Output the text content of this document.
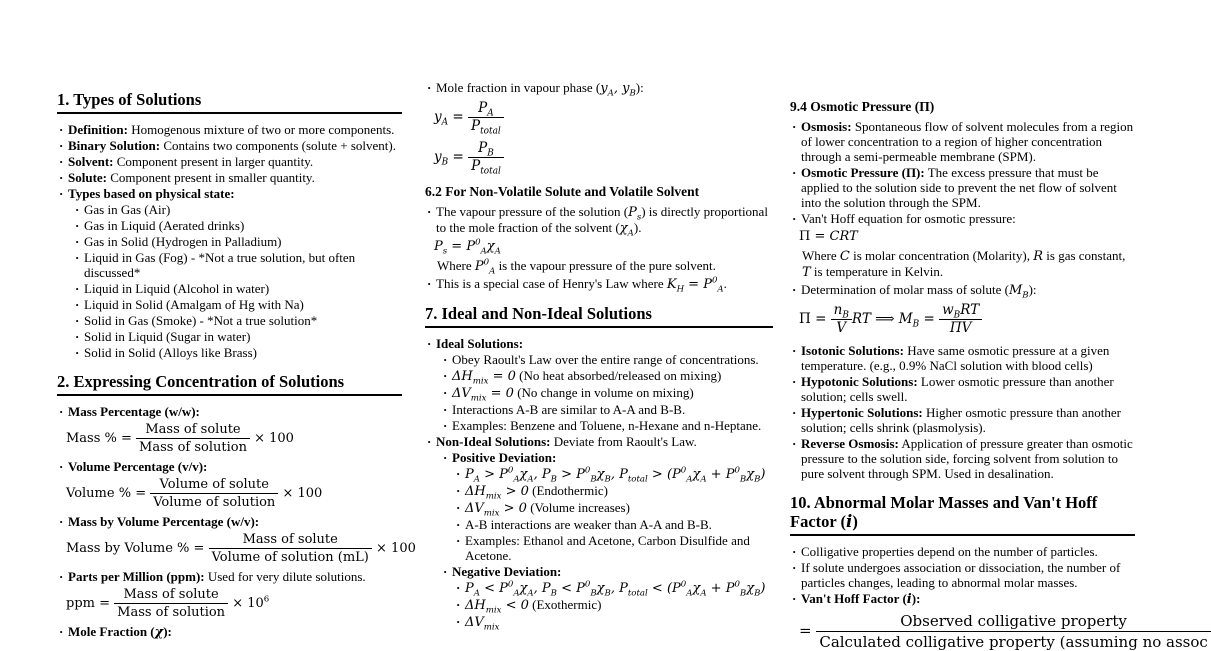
1. Types of Solutions
· Definition: Homogenous mixture of two or more components.
· Binary Solution: Contains two components (solute + solvent).
· Solvent: Component present in larger quantity.
· Solute: Component present in smaller quantity.
· Types based on physical state:
· Gas in Gas (Air)
· Gas in Liquid (Aerated drinks)
· Gas in Solid (Hydrogen in Palladium)
· Liquid in Gas (Fog) - *Not a true solution, but often discussed*
· Liquid in Liquid (Alcohol in water)
· Liquid in Solid (Amalgam of Hg with Na)
· Solid in Gas (Smoke) - *Not a true solution*
· Solid in Liquid (Sugar in water)
· Solid in Solid (Alloys like Brass)
2. Expressing Concentration of Solutions
· Mass Percentage (w/w):
Mass % = $\frac{\text{Mass of solute}}{\text{Mass of solution}} \times 100$
· Volume Percentage (v/v):
Volume % = $\frac{\text{Volume of solute}}{\text{Volume of solution}} \times 100$
· Mass by Volume Percentage (w/v):
Mass by Volume % = $\frac{\text{Mass of solute}}{\text{Volume of solution (mL)}} \times 100$
· Parts per Million (ppm): Used for very dilute solutions.
ppm = $\frac{\text{Mass of solute}}{\text{Mass of solution}} \times 10^6$
· Mole Fraction (χ):
· Mole fraction in vapour phase ($y_A$, $y_B$):
$y_A = \frac{P_A}{P_{total}}$
$y_B = \frac{P_B}{P_{total}}$
6.2 For Non-Volatile Solute and Volatile Solvent
· The vapour pressure of the solution $(P_s)$ is directly proportional to the mole fraction of the solvent $(\chi_A)$.
$P_s = P^0_A\chi_A$
Where $P^0_A$ is the vapour pressure of the pure solvent.
· This is a special case of Henry's Law where $K_H = P^0_A$.
7. Ideal and Non-Ideal Solutions
· Ideal Solutions:
· Obey Raoult's Law over the entire range of concentrations.
· $\Delta H_{mix} = 0$ (No heat absorbed/released on mixing)
· $\Delta V_{mix} = 0$ (No change in volume on mixing)
· Interactions A-B are similar to A-A and B-B.
· Examples: Benzene and Toluene, n-Hexane and n-Heptane.
· Non-Ideal Solutions: Deviate from Raoult's Law.
· Positive Deviation:
· $P_A > P^0_A\chi_A$, $P_B > P^0_B\chi_B$, $P_{total} > (P^0_A\chi_A + P^0_B\chi_B)$
· $\Delta H_{mix} > 0$ (Endothermic)
· $\Delta V_{mix} > 0$ (Volume increases)
· A-B interactions are weaker than A-A and B-B.
· Examples: Ethanol and Acetone, Carbon Disulfide and Acetone.
· Negative Deviation:
· $P_A < P^0_A\chi_A$, $P_B < P^0_B\chi_B$, $P_{total} < (P^0_A\chi_A + P^0_B\chi_B)$
· $\Delta H_{mix} < 0$ (Exothermic)
· $\Delta V_{mix}$
9.4 Osmotic Pressure (Π)
· Osmosis: Spontaneous flow of solvent molecules from a region of lower concentration to a region of higher concentration through a semi-permeable membrane (SPM).
· Osmotic Pressure (Π): The excess pressure that must be applied to the solution side to prevent the net flow of solvent into the solution through the SPM.
· Van't Hoff equation for osmotic pressure:
Π = CRT
Where C is molar concentration (Molarity), R is gas constant, T is temperature in Kelvin.
· Determination of molar mass of solute $(M_B)$:
$\Pi = \frac{n_B}{V}$ RT ⟹ $M_B = \frac{w_BRT}{\Pi V}$
· Isotonic Solutions: Have same osmotic pressure at a given temperature. (e.g., 0.9% NaCl solution with blood cells)
· Hypotonic Solutions: Lower osmotic pressure than another solution; cells swell.
· Hypertonic Solutions: Higher osmotic pressure than another solution; cells shrink (plasmolysis).
· Reverse Osmosis: Application of pressure greater than osmotic pressure to the solution side, forcing solvent from solution to pure solvent through SPM. Used in desalination.
10. Abnormal Molar Masses and Van't Hoff Factor (i)
· Colligative properties depend on the number of particles.
· If solute undergoes association or dissociation, the number of particles changes, leading to abnormal molar masses.
· Van't Hoff Factor (i):
= $\frac{\text{Observed colligative property}}{\text{Calculated colligative property (assuming no assoc}}$
